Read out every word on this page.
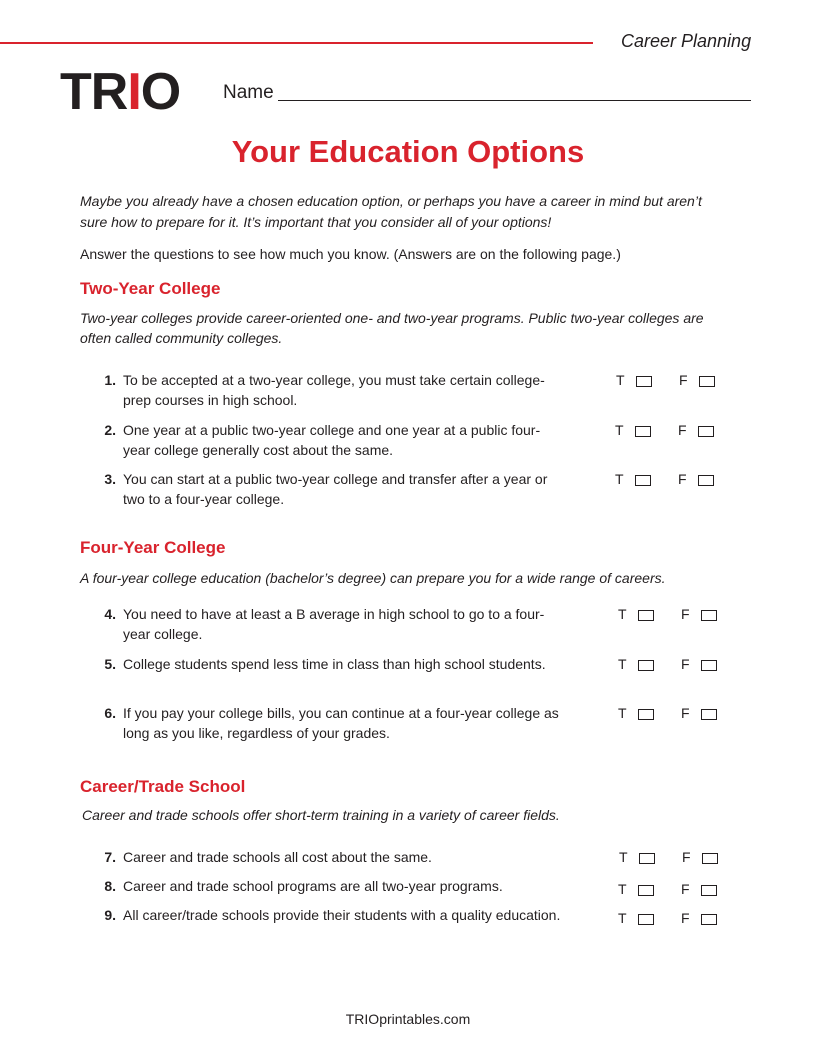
Career Planning
TRIO Name
Your Education Options
Maybe you already have a chosen education option, or perhaps you have a career in mind but aren’t sure how to prepare for it. It’s important that you consider all of your options!
Answer the questions to see how much you know. (Answers are on the following page.)
Two-Year College
Two-year colleges provide career-oriented one- and two-year programs. Public two-year colleges are often called community colleges.
1. To be accepted at a two-year college, you must take certain college-prep courses in high school.
T	F
2. One year at a public two-year college and one year at a public four-year college generally cost about the same.
T	F
3. You can start at a public two-year college and transfer after a year or two to a four-year college.
T	F
Four-Year College
A four-year college education (bachelor’s degree) can prepare you for a wide range of careers.
4. You need to have at least a B average in high school to go to a four-year college.
T	F
5. College students spend less time in class than high school students.	T	F
6. If you pay your college bills, you can continue at a four-year college as long as you like, regardless of your grades.
T	F
Career/Trade School
Career and trade schools offer short-term training in a variety of career fields.
7. Career and trade schools all cost about the same.	T	F
8. Career and trade school programs are all two-year programs.	T	F
9. All career/trade schools provide their students with a quality education.	T	F
TRIOprintables.com
